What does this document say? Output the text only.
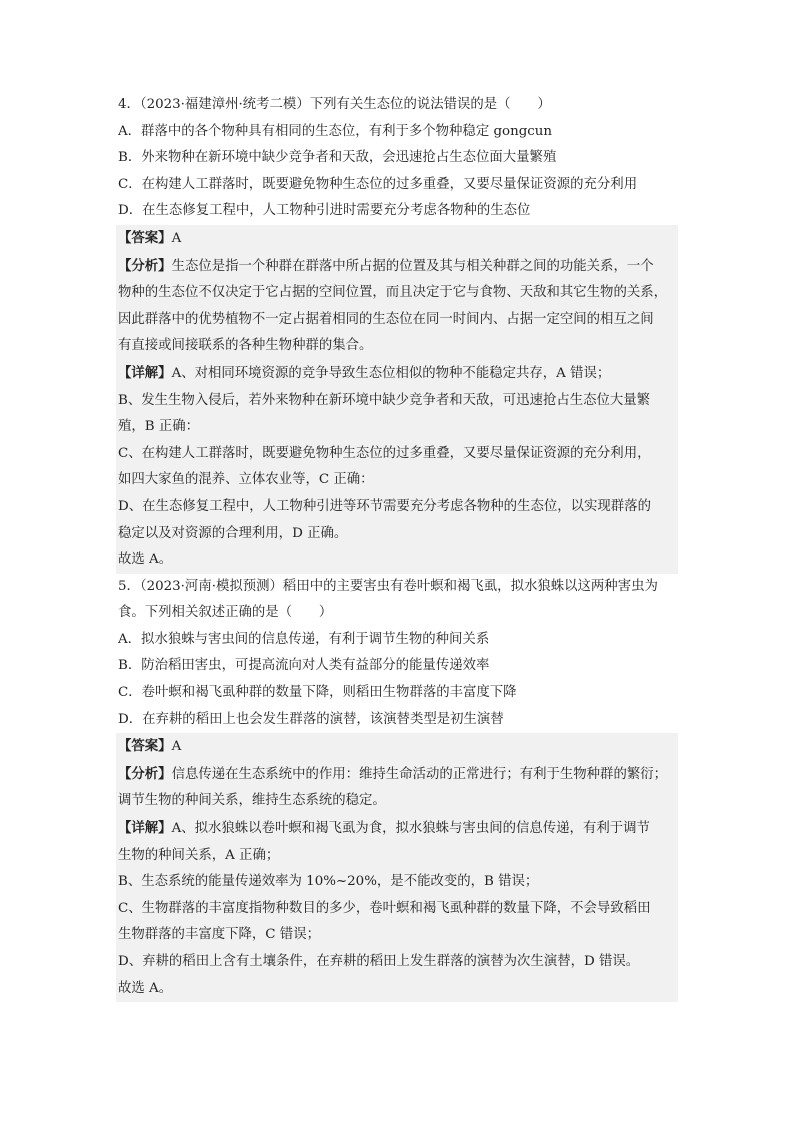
4．（2023·福建漳州·统考二模）下列有关生态位的说法错误的是（　　）

A．群落中的各个物种具有相同的生态位，有利于多个物种稳定 gongcun

B．外来物种在新环境中缺少竞争者和天敌，会迅速抢占生态位面大量繁殖

C．在构建人工群落时，既要避免物种生态位的过多重叠，又要尽量保证资源的充分利用

D．在生态修复工程中，人工物种引进时需要充分考虑各物种的生态位

【答案】A

【分析】生态位是指一个种群在群落中所占据的位置及其与相关种群之间的功能关系，一个

物种的生态位不仅决定于它占据的空间位置，而且决定于它与食物、天敌和其它生物的关系，

因此群落中的优势植物不一定占据着相同的生态位在同一时间内、占据一定空间的相互之间

有直接或间接联系的各种生物种群的集合。

【详解】A、对相同环境资源的竞争导致生态位相似的物种不能稳定共存，A 错误；

B、发生生物入侵后，若外来物种在新环境中缺少竞争者和天敌，可迅速抢占生态位大量繁

殖，B 正确：

C、在构建人工群落时，既要避免物种生态位的过多重叠，又要尽量保证资源的充分利用，

如四大家鱼的混养、立体农业等，C 正确：

D、在生态修复工程中，人工物种引进等环节需要充分考虑各物种的生态位，以实现群落的

稳定以及对资源的合理利用，D 正确。

故选 A。

5．（2023·河南·模拟预测）稻田中的主要害虫有卷叶螟和褐飞虱，拟水狼蛛以这两种害虫为

食。下列相关叙述正确的是（　　）

A．拟水狼蛛与害虫间的信息传递，有利于调节生物的种间关系

B．防治稻田害虫，可提高流向对人类有益部分的能量传递效率

C．卷叶螟和褐飞虱种群的数量下降，则稻田生物群落的丰富度下降

D．在弃耕的稻田上也会发生群落的演替，该演替类型是初生演替

【答案】A

【分析】信息传递在生态系统中的作用：维持生命活动的正常进行；有利于生物种群的繁衍；

调节生物的种间关系，维持生态系统的稳定。

【详解】A、拟水狼蛛以卷叶螟和褐飞虱为食，拟水狼蛛与害虫间的信息传递，有利于调节

生物的种间关系，A 正确；

B、生态系统的能量传递效率为 10%~20%，是不能改变的，B 错误；

C、生物群落的丰富度指物种数目的多少，卷叶螟和褐飞虱种群的数量下降，不会导致稻田

生物群落的丰富度下降，C 错误；

D、弃耕的稻田上含有土壤条件，在弃耕的稻田上发生群落的演替为次生演替，D 错误。

故选 A。
